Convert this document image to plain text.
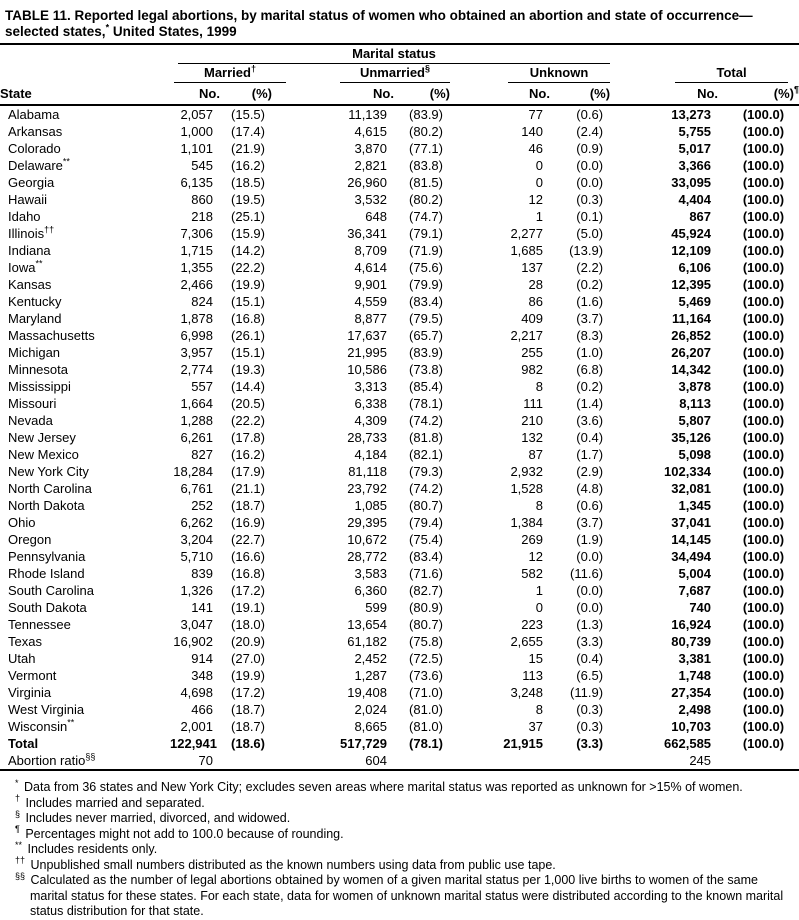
TABLE 11. Reported legal abortions, by marital status of women who obtained an abortion and state of occurrence—selected states,* United States, 1999

	Marital status							

	Married†		Unmarried§		Unknown		Total	

State	No.	(%)	No.	(%)	No.	(%)	No.	(%)¶
Alabama	2,057	(15.5)	11,139	(83.9)	77	(0.6)	13,273	(100.0)
Arkansas	1,000	(17.4)	4,615	(80.2)	140	(2.4)	5,755	(100.0)
Colorado	1,101	(21.9)	3,870	(77.1)	46	(0.9)	5,017	(100.0)
Delaware**	545	(16.2)	2,821	(83.8)	0	(0.0)	3,366	(100.0)
Georgia	6,135	(18.5)	26,960	(81.5)	0	(0.0)	33,095	(100.0)
Hawaii	860	(19.5)	3,532	(80.2)	12	(0.3)	4,404	(100.0)
Idaho	218	(25.1)	648	(74.7)	1	(0.1)	867	(100.0)
Illinois††	7,306	(15.9)	36,341	(79.1)	2,277	(5.0)	45,924	(100.0)
Indiana	1,715	(14.2)	8,709	(71.9)	1,685	(13.9)	12,109	(100.0)
Iowa**	1,355	(22.2)	4,614	(75.6)	137	(2.2)	6,106	(100.0)
Kansas	2,466	(19.9)	9,901	(79.9)	28	(0.2)	12,395	(100.0)
Kentucky	824	(15.1)	4,559	(83.4)	86	(1.6)	5,469	(100.0)
Maryland	1,878	(16.8)	8,877	(79.5)	409	(3.7)	11,164	(100.0)
Massachusetts	6,998	(26.1)	17,637	(65.7)	2,217	(8.3)	26,852	(100.0)
Michigan	3,957	(15.1)	21,995	(83.9)	255	(1.0)	26,207	(100.0)
Minnesota	2,774	(19.3)	10,586	(73.8)	982	(6.8)	14,342	(100.0)
Mississippi	557	(14.4)	3,313	(85.4)	8	(0.2)	3,878	(100.0)
Missouri	1,664	(20.5)	6,338	(78.1)	111	(1.4)	8,113	(100.0)
Nevada	1,288	(22.2)	4,309	(74.2)	210	(3.6)	5,807	(100.0)
New Jersey	6,261	(17.8)	28,733	(81.8)	132	(0.4)	35,126	(100.0)
New Mexico	827	(16.2)	4,184	(82.1)	87	(1.7)	5,098	(100.0)
New York City	18,284	(17.9)	81,118	(79.3)	2,932	(2.9)	102,334	(100.0)
North Carolina	6,761	(21.1)	23,792	(74.2)	1,528	(4.8)	32,081	(100.0)
North Dakota	252	(18.7)	1,085	(80.7)	8	(0.6)	1,345	(100.0)
Ohio	6,262	(16.9)	29,395	(79.4)	1,384	(3.7)	37,041	(100.0)
Oregon	3,204	(22.7)	10,672	(75.4)	269	(1.9)	14,145	(100.0)
Pennsylvania	5,710	(16.6)	28,772	(83.4)	12	(0.0)	34,494	(100.0)
Rhode Island	839	(16.8)	3,583	(71.6)	582	(11.6)	5,004	(100.0)
South Carolina	1,326	(17.2)	6,360	(82.7)	1	(0.0)	7,687	(100.0)
South Dakota	141	(19.1)	599	(80.9)	0	(0.0)	740	(100.0)
Tennessee	3,047	(18.0)	13,654	(80.7)	223	(1.3)	16,924	(100.0)
Texas	16,902	(20.9)	61,182	(75.8)	2,655	(3.3)	80,739	(100.0)
Utah	914	(27.0)	2,452	(72.5)	15	(0.4)	3,381	(100.0)
Vermont	348	(19.9)	1,287	(73.6)	113	(6.5)	1,748	(100.0)
Virginia	4,698	(17.2)	19,408	(71.0)	3,248	(11.9)	27,354	(100.0)
West Virginia	466	(18.7)	2,024	(81.0)	8	(0.3)	2,498	(100.0)
Wisconsin**	2,001	(18.7)	8,665	(81.0)	37	(0.3)	10,703	(100.0)
Total	122,941	(18.6)	517,729	(78.1)	21,915	(3.3)	662,585	(100.0)
Abortion ratio§§	70		604				245	
* Data from 36 states and New York City; excludes seven areas where marital status was reported as unknown for >15% of women.
† Includes married and separated.
§ Includes never married, divorced, and widowed.
¶ Percentages might not add to 100.0 because of rounding.
** Includes residents only.
†† Unpublished small numbers distributed as the known numbers using data from public use tape.
§§ Calculated as the number of legal abortions obtained by women of a given marital status per 1,000 live births to women of the same marital status for these states. For each state, data for women of unknown marital status were distributed according to the known marital status distribution for that state.
